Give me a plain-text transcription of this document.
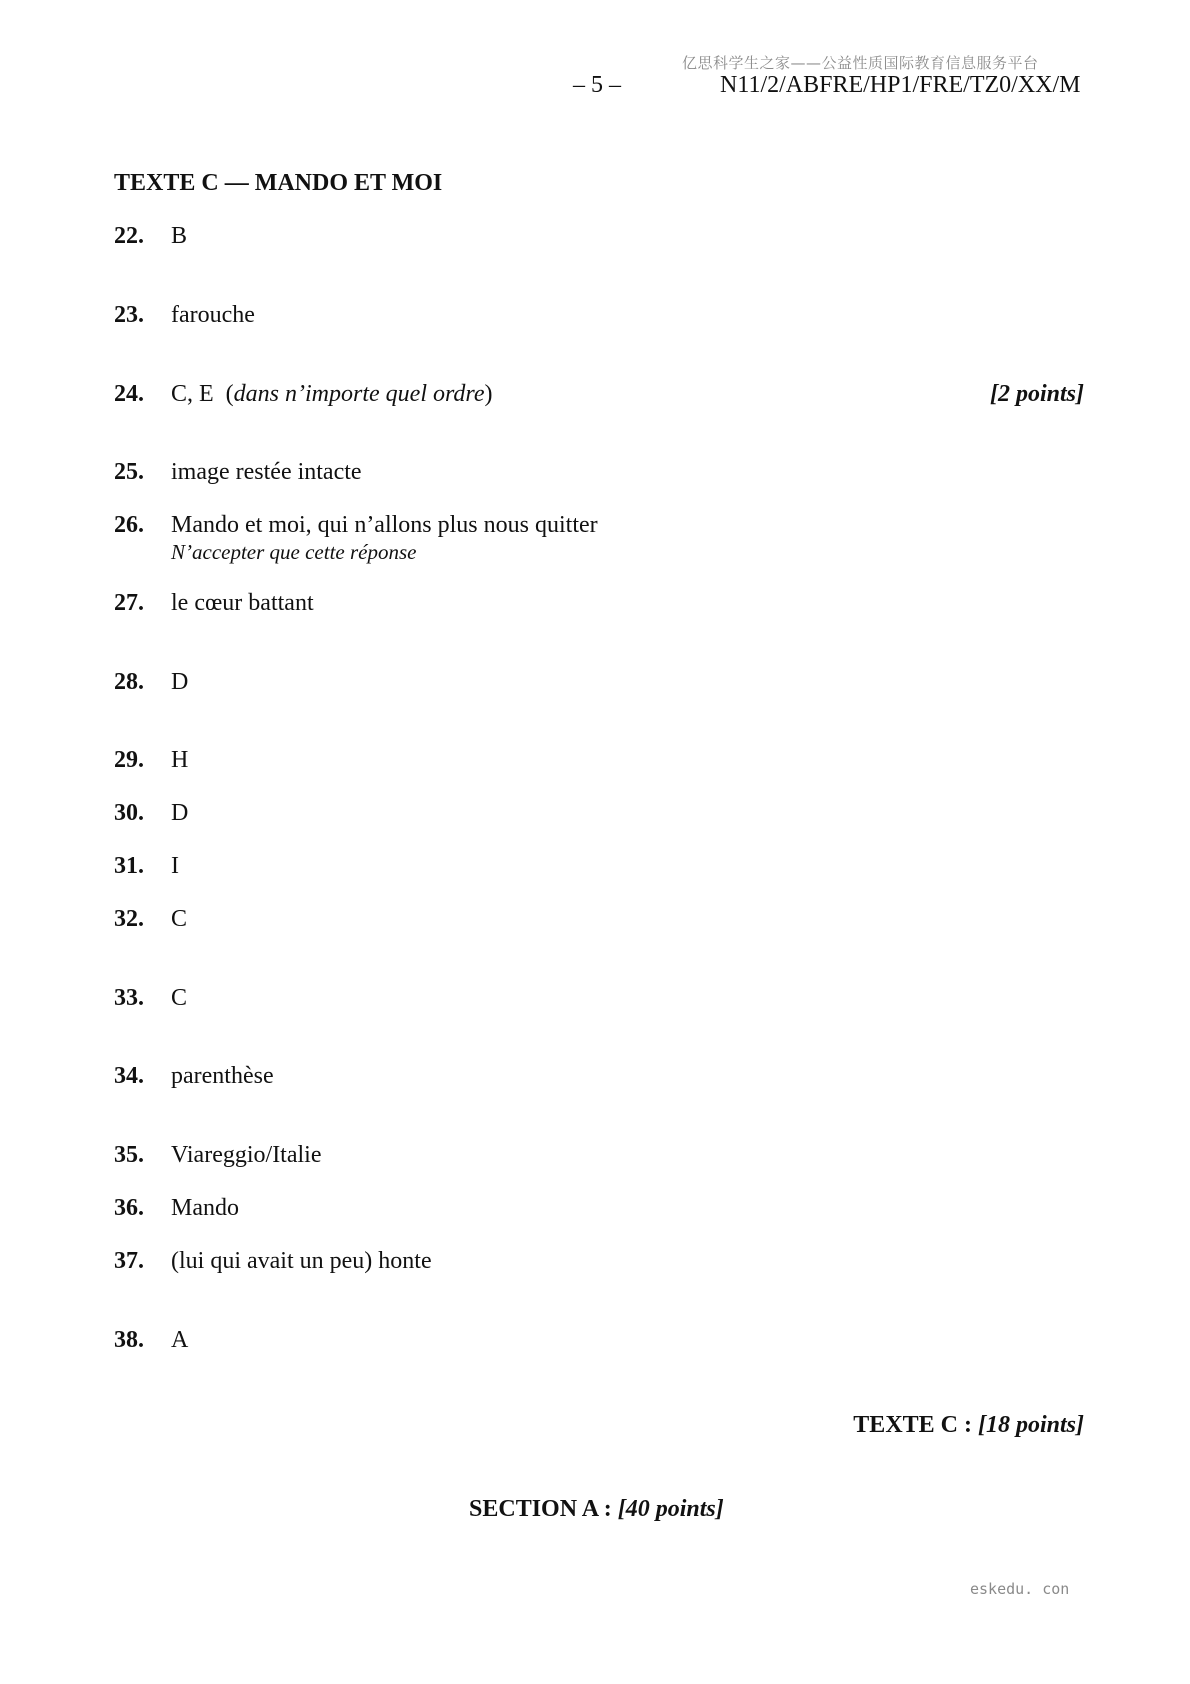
亿思科学生之家——公益性质国际教育信息服务平台
– 5 –	N11/2/ABFRE/HP1/FRE/TZ0/XX/M
TEXTE C — MANDO ET MOI
22. B
23. farouche
24. C, E  (dans n’importe quel ordre)	[2 points]
25. image restée intacte
26. Mando et moi, qui n’allons plus nous quitter
N’accepter que cette réponse
27. le cœur battant
28. D
29. H
30. D
31. I
32. C
33. C
34. parenthèse
35. Viareggio/Italie
36. Mando
37. (lui qui avait un peu) honte
38. A
TEXTE C : [18 points]
SECTION A : [40 points]
eskedu. con
